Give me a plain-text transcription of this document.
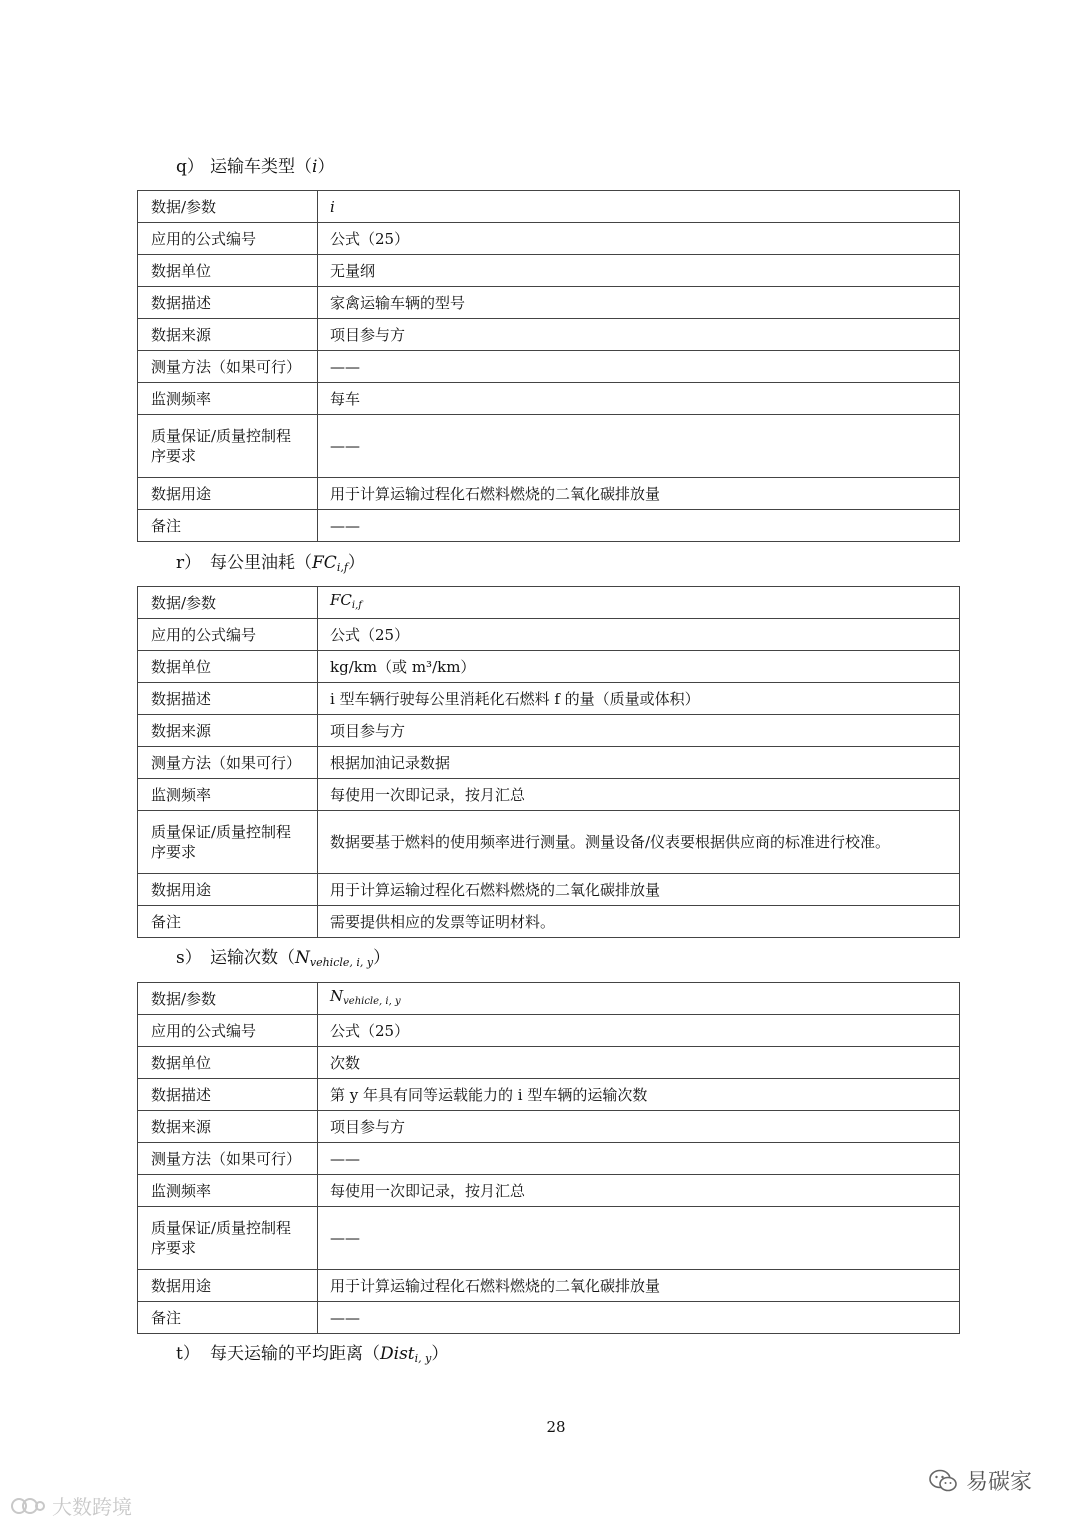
q） 运输车类型（i）
数据/参数	i
应用的公式编号	公式（25）
数据单位	无量纲
数据描述	家禽运输车辆的型号
数据来源	项目参与方
测量方法（如果可行）	——
监测频率	每车
质量保证/质量控制程序要求	——
数据用途	用于计算运输过程化石燃料燃烧的二氧化碳排放量
备注	——
r） 每公里油耗$(FC_{i,f})$
数据/参数	$FC_{i,f}$
应用的公式编号	公式（25）
数据单位	kg/km（或 m³/km）
数据描述	i 型车辆行驶每公里消耗化石燃料 f 的量（质量或体积）
数据来源	项目参与方
测量方法（如果可行）	根据加油记录数据
监测频率	每使用一次即记录，按月汇总
质量保证/质量控制程序要求	数据要基于燃料的使用频率进行测量。测量设备/仪表要根据供应商的标准进行校准。
数据用途	用于计算运输过程化石燃料燃烧的二氧化碳排放量
备注	需要提供相应的发票等证明材料。
s） 运输次数$(N_{vehicle, i, y})$
数据/参数	$N_{vehicle, i, y}$
应用的公式编号	公式（25）
数据单位	次数
数据描述	第 y 年具有同等运载能力的 i 型车辆的运输次数
数据来源	项目参与方
测量方法（如果可行）	——
监测频率	每使用一次即记录，按月汇总
质量保证/质量控制程序要求	——
数据用途	用于计算运输过程化石燃料燃烧的二氧化碳排放量
备注	——
t） 每天运输的平均距离（Dist$_{i, y}$）
28
大数跨境
易碳家
